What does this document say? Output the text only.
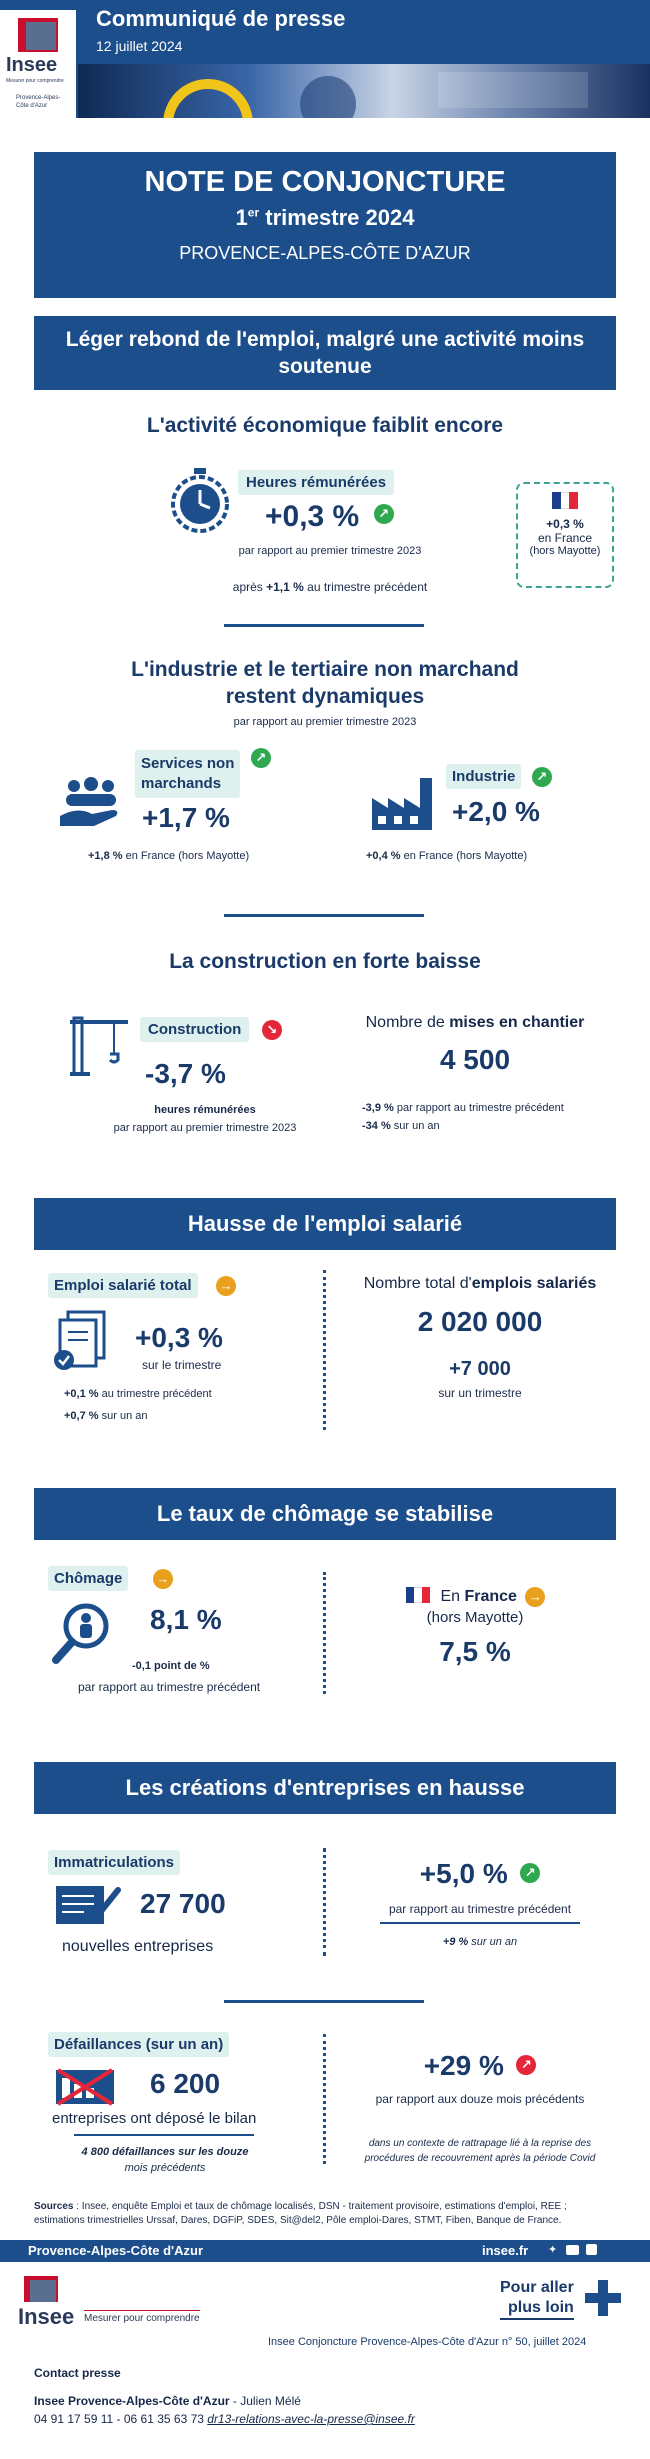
Insee
Mesurer pour comprendre
Provence-Alpes-Côte d'Azur
Communiqué de presse
12 juillet 2024
NOTE DE CONJONCTURE
1er trimestre 2024
PROVENCE-ALPES-CÔTE D'AZUR
Léger rebond de l'emploi, malgré une activité moins soutenue
L'activité économique faiblit encore
Heures rémunérées
+0,3 % ↗
par rapport au premier trimestre 2023
après +1,1 % au trimestre précédent
+0,3 %
en France
(hors Mayotte)
L'industrie et le tertiaire non marchand
restent dynamiques
par rapport au premier trimestre 2023
Services non
marchands ↗
+1,7 %
+1,8 % en France (hors Mayotte)
Industrie ↗
+2,0 %
+0,4 % en France (hors Mayotte)
La construction en forte baisse
Construction ↘
-3,7 %
heures rémunérées
par rapport au premier trimestre 2023
Nombre de mises en chantier
4 500
-3,9 % par rapport au trimestre précédent
-34 % sur un an
Hausse de l'emploi salarié
Emploi salarié total →
+0,3 %
sur le trimestre
+0,1 % au trimestre précédent
+0,7 % sur un an
Nombre total d'emplois salariés
2 020 000
+7 000
sur un trimestre
Le taux de chômage se stabilise
Chômage	→
8,1 %
-0,1 point de %
par rapport au trimestre précédent
En France →
(hors Mayotte)
7,5 %
Les créations d'entreprises en hausse
Immatriculations
27 700
nouvelles entreprises
+5,0 % ↗
par rapport au trimestre précédent
+9 % sur un an
Défaillances (sur un an)
6 200
entreprises ont déposé le bilan
4 800 défaillances sur les douze
mois précédents
+29 % ↗
par rapport aux douze mois précédents
dans un contexte de rattrapage lié à la reprise des
procédures de recouvrement après la période Covid
Sources : Insee, enquête Emploi et taux de chômage localisés, DSN - traitement provisoire, estimations d'emploi, REE ; estimations trimestrielles Urssaf, Dares, DGFiP, SDES, Sit@del2, Pôle emploi-Dares, STMT, Fiben, Banque de France.
Provence-Alpes-Côte d'Azur	insee.fr ✦
Insee Mesurer pour comprendre
Pour aller
plus loin
Insee Conjoncture Provence-Alpes-Côte d'Azur n° 50, juillet 2024
Contact presse
Insee Provence-Alpes-Côte d'Azur - Julien Mélé
04 91 17 59 11 - 06 61 35 63 73 dr13-relations-avec-la-presse@insee.fr
